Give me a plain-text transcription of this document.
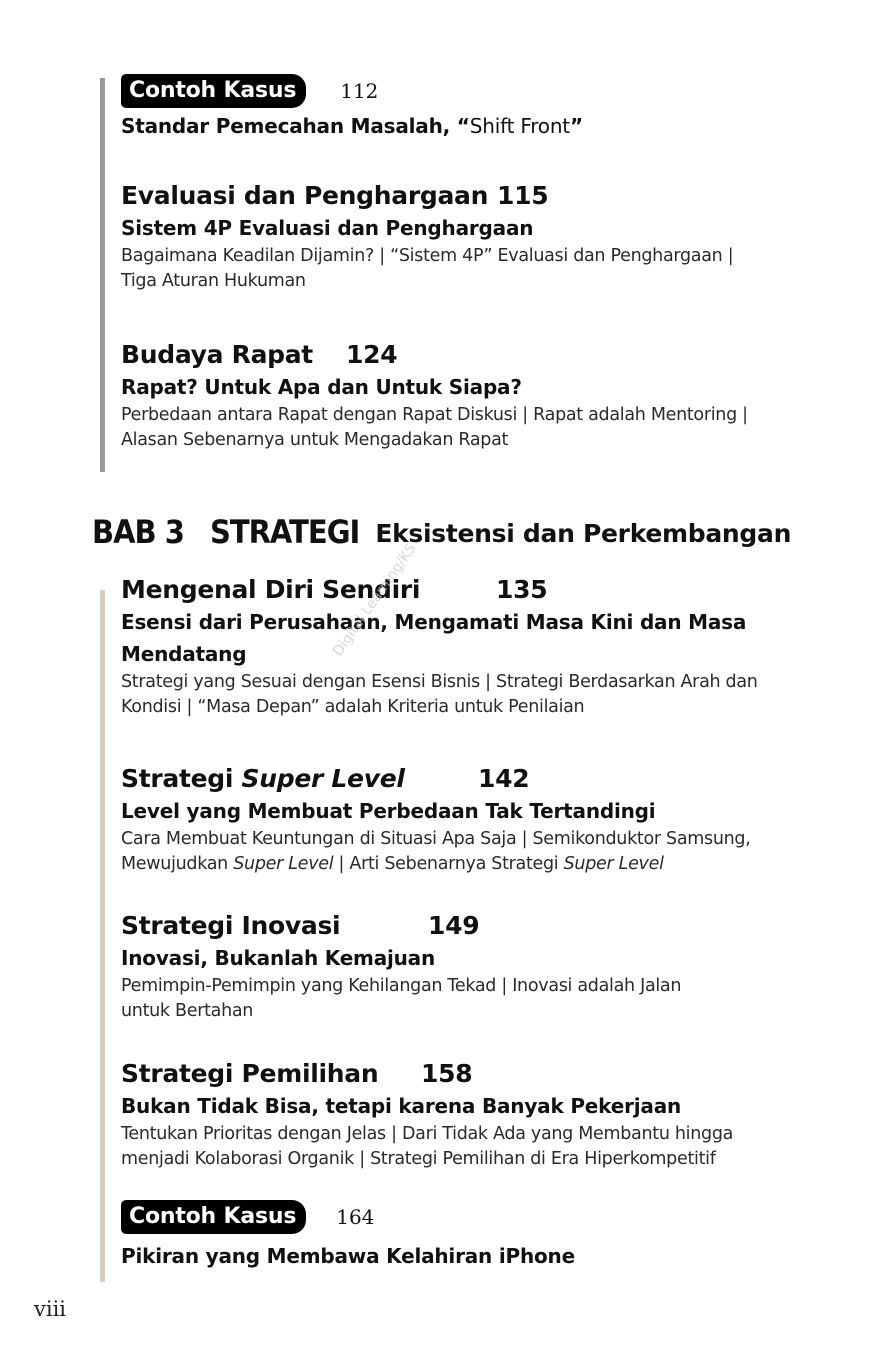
Contoh Kasus	112
Standar Pemecahan Masalah, “Shift Front”
Evaluasi dan Penghargaan 115
Sistem 4P Evaluasi dan Penghargaan
Bagaimana Keadilan Dijamin? | “Sistem 4P” Evaluasi dan Penghargaan |
Tiga Aturan Hukuman
Budaya Rapat 124
Rapat? Untuk Apa dan Untuk Siapa?
Perbedaan antara Rapat dengan Rapat Diskusi | Rapat adalah Mentoring |
Alasan Sebenarnya untuk Mengadakan Rapat
BAB 3 STRATEGI Eksistensi dan Perkembangan
Mengenal Diri Sendiri	135
Esensi dari Perusahaan, Mengamati Masa Kini dan Masa
Mendatang
Strategi yang Sesuai dengan Esensi Bisnis | Strategi Berdasarkan Arah dan
Kondisi | “Masa Depan” adalah Kriteria untuk Penilaian
Strategi Super Level	142
Level yang Membuat Perbedaan Tak Tertandingi
Cara Membuat Keuntungan di Situasi Apa Saja | Semikonduktor Samsung,
Mewujudkan Super Level | Arti Sebenarnya Strategi Super Level
Strategi Inovasi	149
Inovasi, Bukanlah Kemajuan
Pemimpin-Pemimpin yang Kehilangan Tekad | Inovasi adalah Jalan
untuk Bertahan
Strategi Pemilihan 158
Bukan Tidak Bisa, tetapi karena Banyak Pekerjaan
Tentukan Prioritas dengan Jelas | Dari Tidak Ada yang Membantu hingga
menjadi Kolaborasi Organik | Strategi Pemilihan di Era Hiperkompetitif
Contoh Kasus	164
Pikiran yang Membawa Kelahiran iPhone
Digital Learning/KS
viii
